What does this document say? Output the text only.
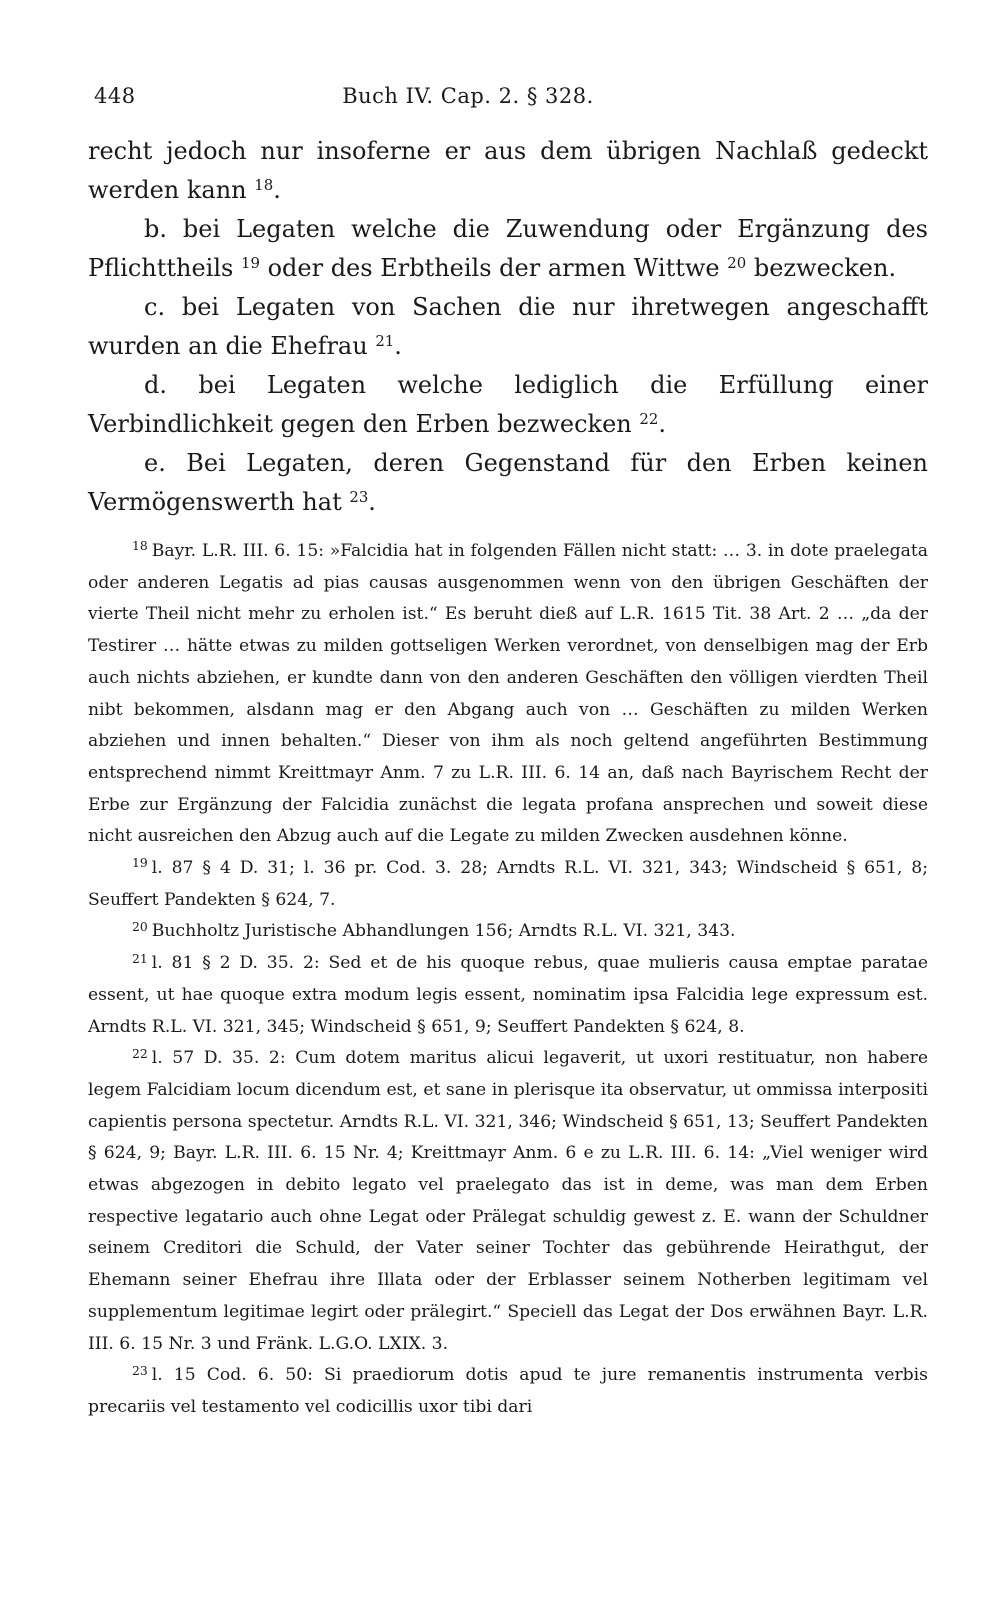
448	Buch IV. Cap. 2. § 328.

recht jedoch nur insoferne er aus dem übrigen Nachlaß gedeckt werden kann $^{18}$.

b. bei Legaten welche die Zuwendung oder Ergänzung des Pflichttheils $^{19}$ oder des Erbtheils der armen Wittwe $^{20}$ bezwecken.

c. bei Legaten von Sachen die nur ihretwegen angeschafft wurden an die Ehefrau $^{21}$.

d. bei Legaten welche lediglich die Erfüllung einer Verbindlichkeit gegen den Erben bezwecken $^{22}$.

e. Bei Legaten, deren Gegenstand für den Erben keinen Vermögenswerth hat $^{23}$.

$^{18}$ Bayr. L.R. III. 6. 15: »Falcidia hat in folgenden Fällen nicht statt: … 3. in dote praelegata oder anderen Legatis ad pias causas ausgenommen wenn von den übrigen Geschäften der vierte Theil nicht mehr zu erholen ist.“ Es beruht dieß auf L.R. 1615 Tit. 38 Art. 2 … „da der Testirer … hätte etwas zu milden gottseligen Werken verordnet, von denselbigen mag der Erb auch nichts abziehen, er kundte dann von den anderen Geschäften den völligen vierdten Theil nibt bekommen, alsdann mag er den Abgang auch von … Geschäften zu milden Werken abziehen und innen behalten.“ Dieser von ihm als noch geltend angeführten Bestimmung entsprechend nimmt Kreittmayr Anm. 7 zu L.R. III. 6. 14 an, daß nach Bayrischem Recht der Erbe zur Ergänzung der Falcidia zunächst die legata profana ansprechen und soweit diese nicht ausreichen den Abzug auch auf die Legate zu milden Zwecken ausdehnen könne.

$^{19}$ l. 87 § 4 D. 31; l. 36 pr. Cod. 3. 28; Arndts R.L. VI. 321, 343; Windscheid § 651, 8; Seuffert Pandekten § 624, 7.

$^{20}$ Buchholtz Juristische Abhandlungen 156; Arndts R.L. VI. 321, 343.

$^{21}$ l. 81 § 2 D. 35. 2: Sed et de his quoque rebus, quae mulieris causa emptae paratae essent, ut hae quoque extra modum legis essent, nominatim ipsa Falcidia lege expressum est. Arndts R.L. VI. 321, 345; Windscheid § 651, 9; Seuffert Pandekten § 624, 8.

$^{22}$ l. 57 D. 35. 2: Cum dotem maritus alicui legaverit, ut uxori restituatur, non habere legem Falcidiam locum dicendum est, et sane in plerisque ita observatur, ut ommissa interpositi capientis persona spectetur. Arndts R.L. VI. 321, 346; Windscheid § 651, 13; Seuffert Pandekten § 624, 9; Bayr. L.R. III. 6. 15 Nr. 4; Kreittmayr Anm. 6 e zu L.R. III. 6. 14: „Viel weniger wird etwas abgezogen in debito legato vel praelegato das ist in deme, was man dem Erben respective legatario auch ohne Legat oder Prälegat schuldig gewest z. E. wann der Schuldner seinem Creditori die Schuld, der Vater seiner Tochter das gebührende Heirathgut, der Ehemann seiner Ehefrau ihre Illata oder der Erblasser seinem Notherben legitimam vel supplementum legitimae legirt oder prälegirt.“ Speciell das Legat der Dos erwähnen Bayr. L.R. III. 6. 15 Nr. 3 und Fränk. L.G.O. LXIX. 3.

$^{23}$ l. 15 Cod. 6. 50: Si praediorum dotis apud te jure remanentis instrumenta verbis precariis vel testamento vel codicillis uxor tibi dari
